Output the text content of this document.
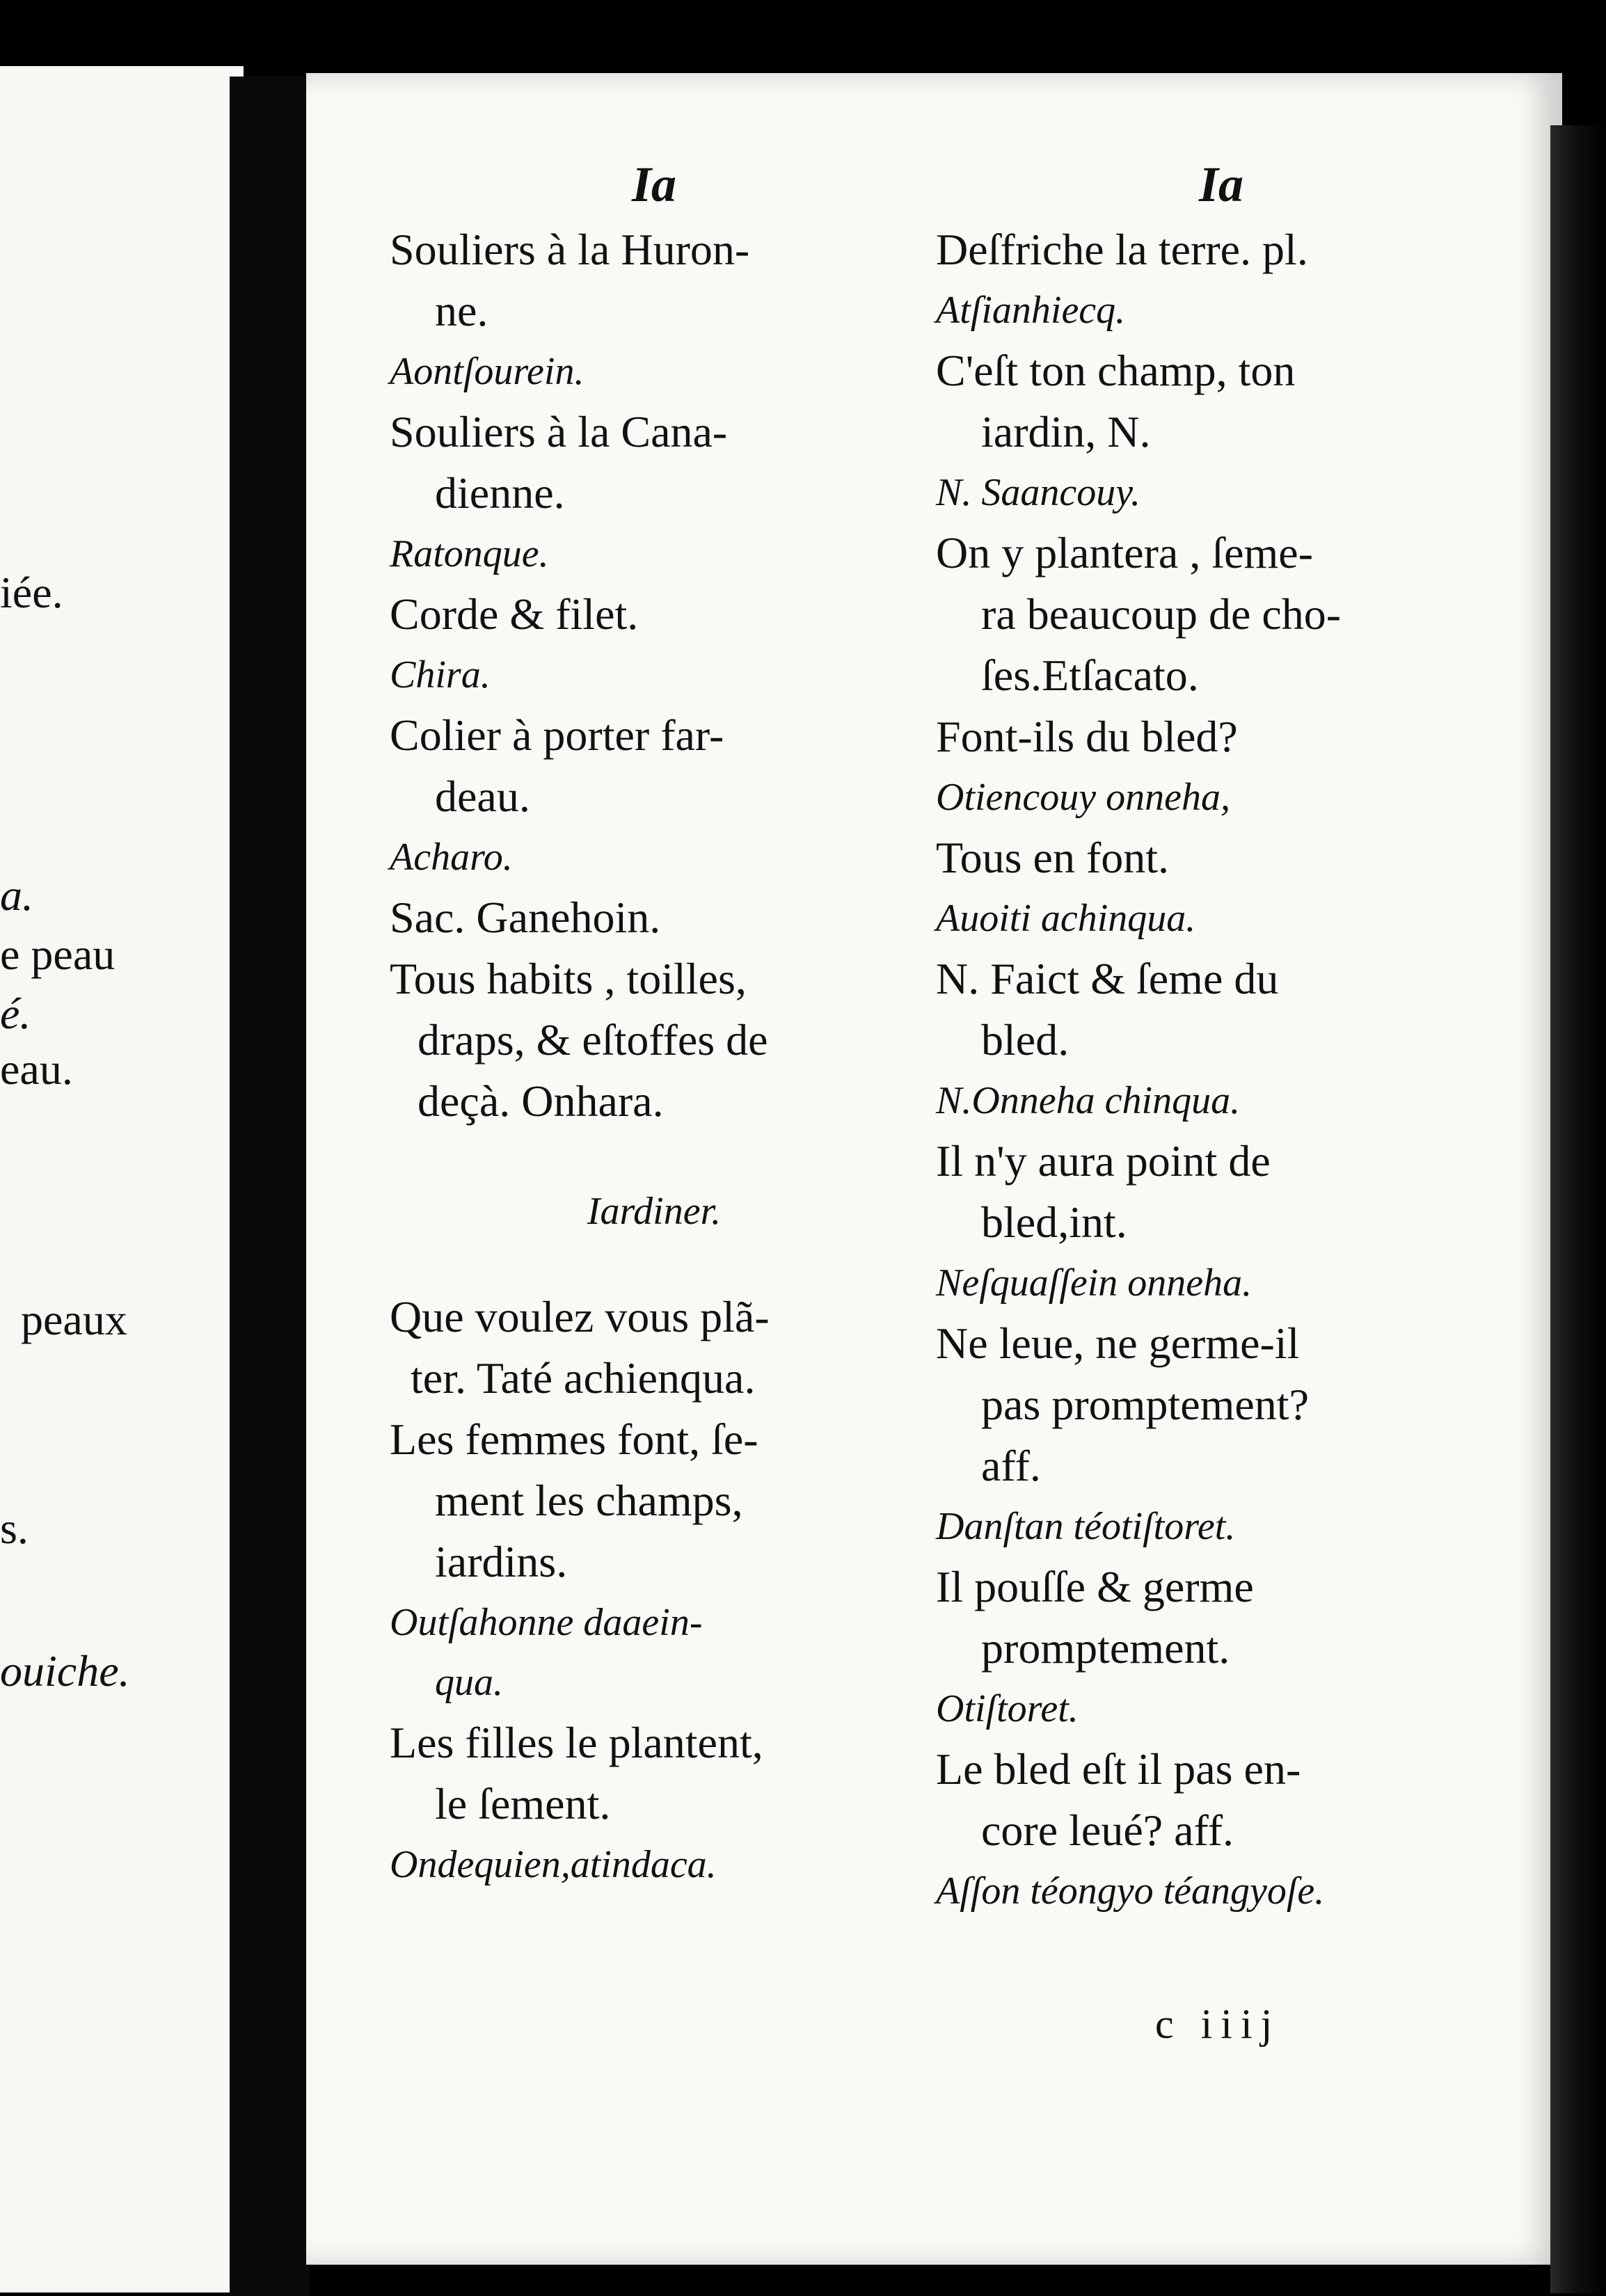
iée.
a.
e peau
é.
eau.
peaux
s.
ouiche.
Ia
Souliers à la Huron-
ne.
Aontſourein.
Souliers à la Cana-
dienne.
Ratonque.
Corde & filet.
Chira.
Colier à porter far-
deau.
Acharo.
Sac. Ganehoin.
Tous habits , toilles,
draps, & eſtoffes de
deçà. Onhara.
Iardiner.
Que voulez vous plã-
ter. Taté achienqua.
Les femmes font, ſe-
ment les champs,
iardins.
Outſahonne daaein-
qua.
Les filles le plantent,
le ſement.
Ondequien,atindaca.
Ia
Deſfriche la terre. pl.
Atſianhiecq.
C'eſt ton champ, ton
iardin, N.
N. Saancouy.
On y plantera , ſeme-
ra beaucoup de cho-
ſes.Etſacato.
Font-ils du bled?
Otiencouy onneha,
Tous en font.
Auoiti achinqua.
N. Faict & ſeme du
bled.
N.Onneha chinqua.
Il n'y aura point de
bled,int.
Neſquaſſein onneha.
Ne leue, ne germe-il
pas promptement?
aff.
Danſtan téotiſtoret.
Il pouſſe & germe
promptement.
Otiſtoret.
Le bled eſt il pas en-
core leué? aff.
Aſſon téongyo téangyoſe.
c iiij
